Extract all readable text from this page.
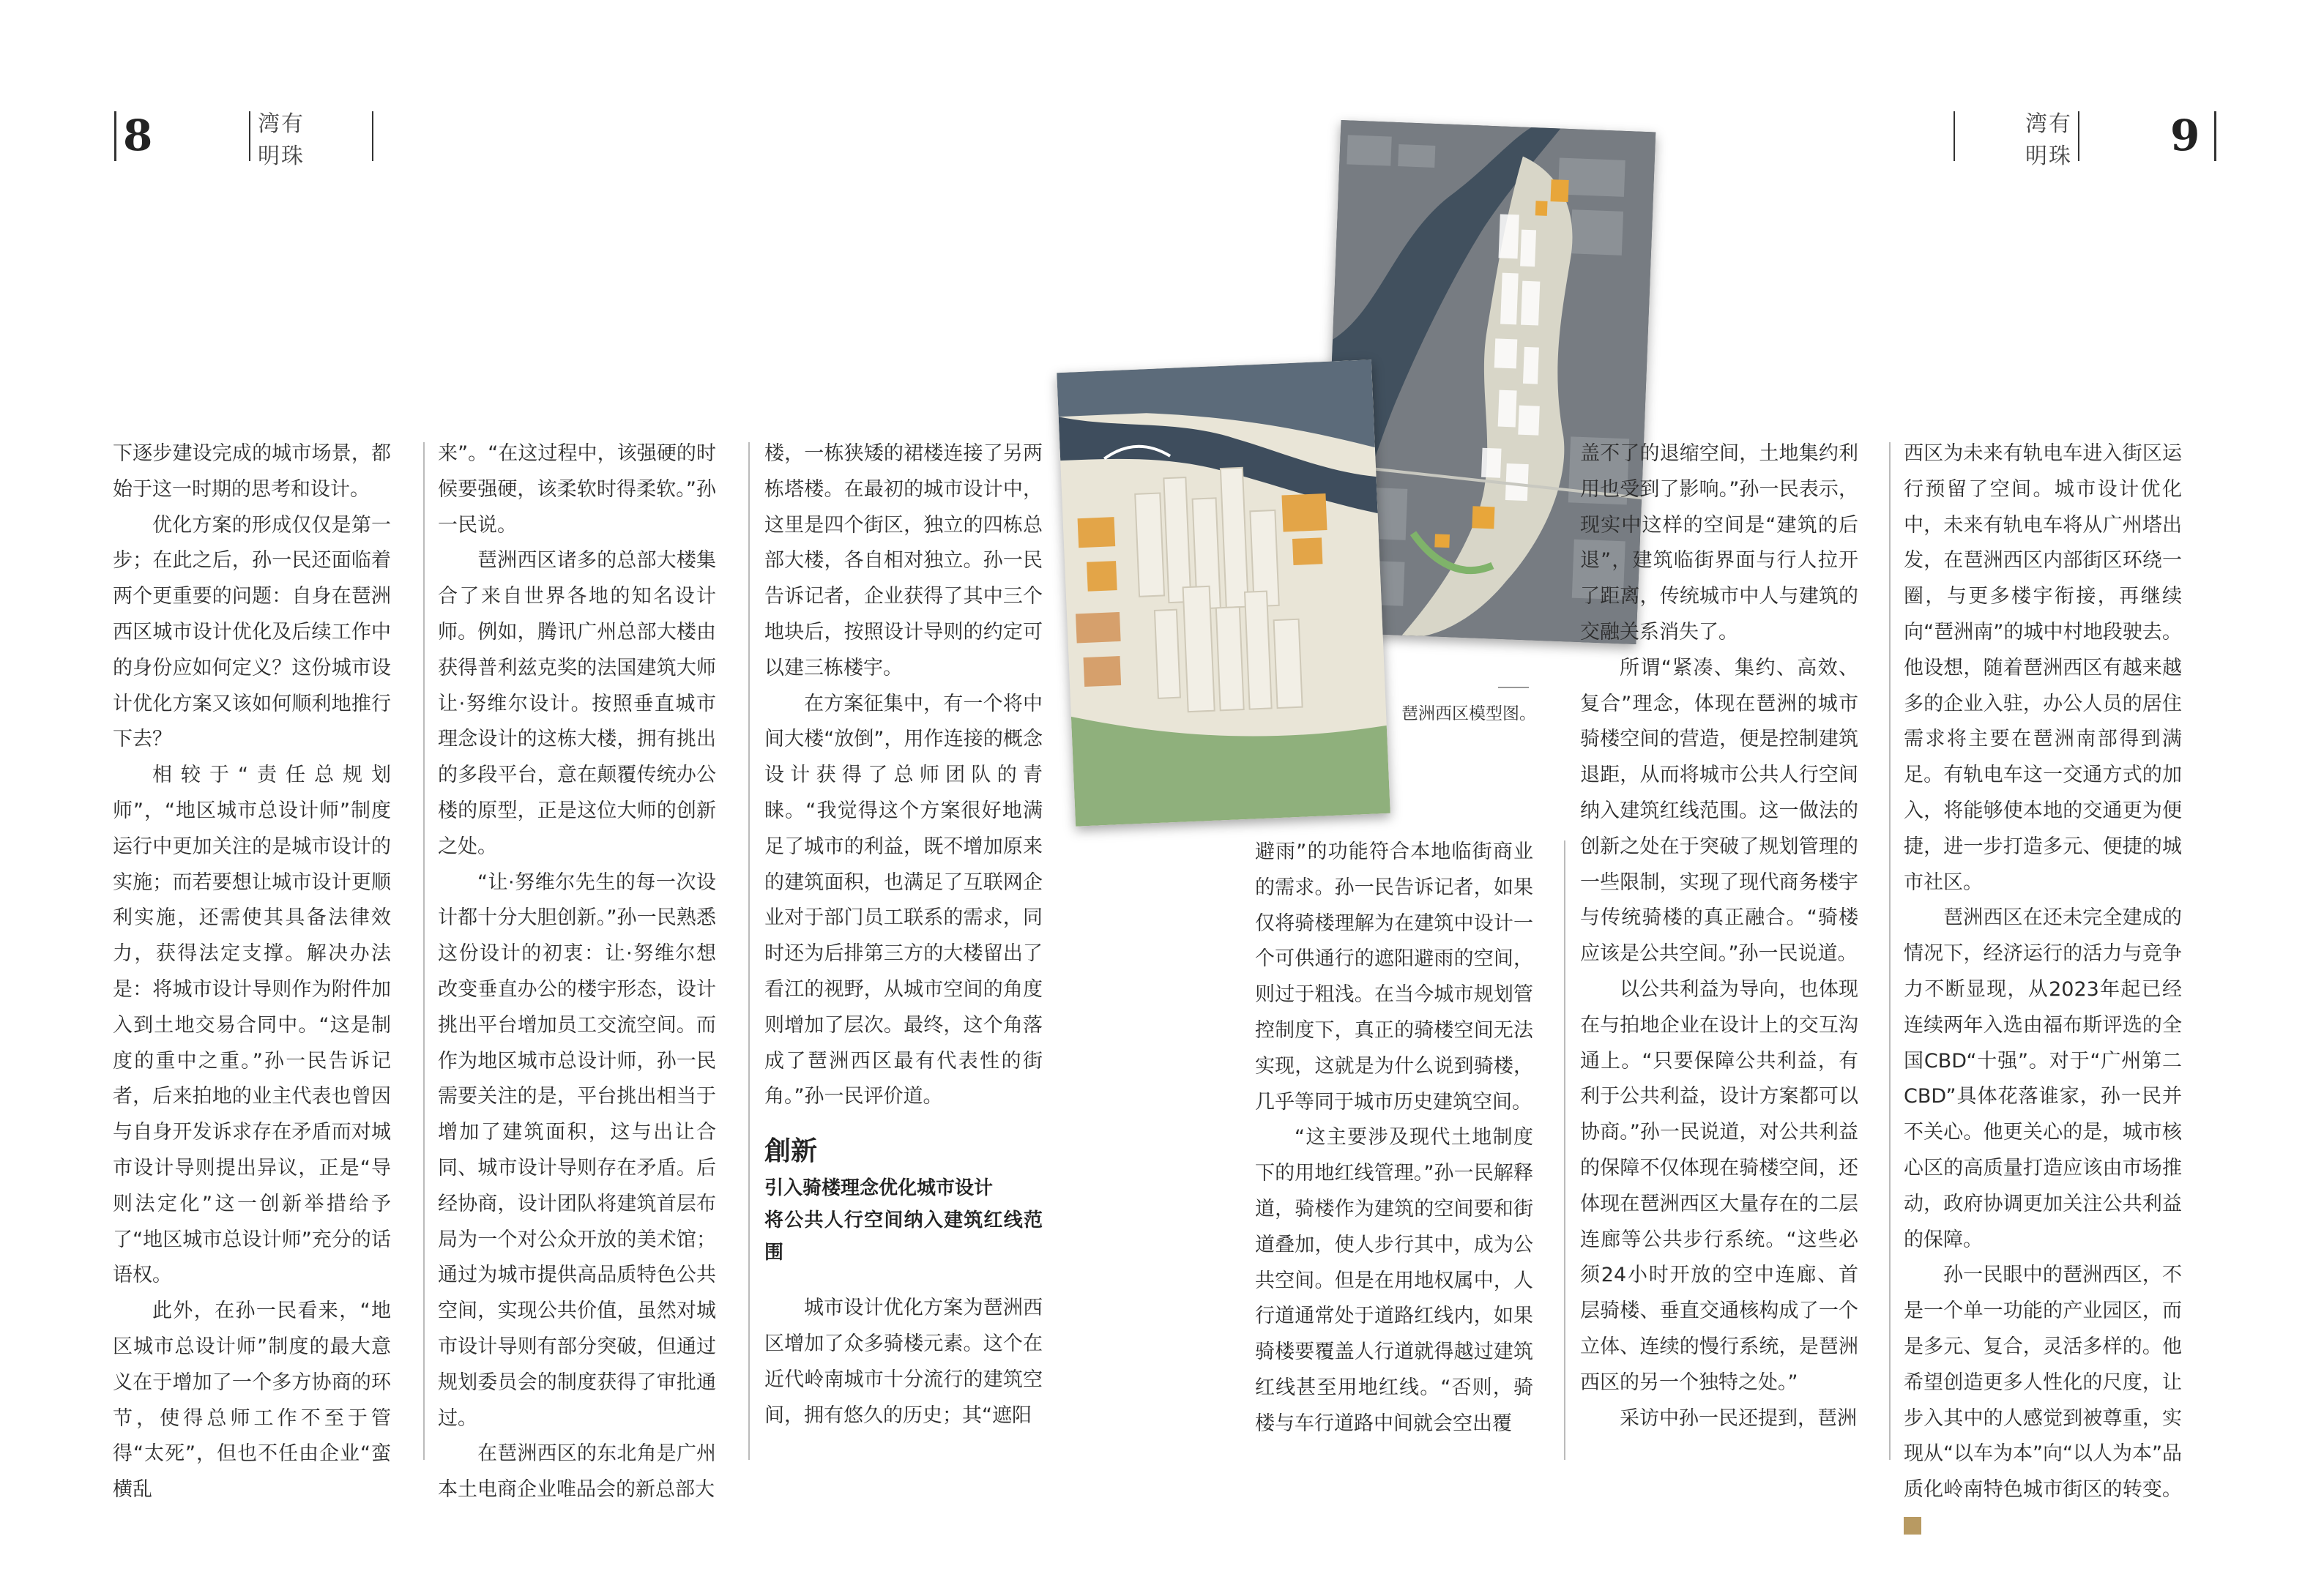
8	湾有
明珠
湾有
明珠 9
琶洲西区模型图。

下逐步建设完成的城市场景，都始于这一时期的思考和设计。

优化方案的形成仅仅是第一步；在此之后，孙一民还面临着两个更重要的问题：自身在琶洲西区城市设计优化及后续工作中的身份应如何定义？这份城市设计优化方案又该如何顺利地推行下去？

相较于“责任总规划师”，“地区城市总设计师”制度运行中更加关注的是城市设计的实施；而若要想让城市设计更顺利实施，还需使其具备法律效力，获得法定支撑。解决办法是：将城市设计导则作为附件加入到土地交易合同中。“这是制度的重中之重。”孙一民告诉记者，后来拍地的业主代表也曾因与自身开发诉求存在矛盾而对城市设计导则提出异议，正是“导则法定化”这一创新举措给予了“地区城市总设计师”充分的话语权。

此外，在孙一民看来，“地区城市总设计师”制度的最大意义在于增加了一个多方协商的环节，使得总师工作不至于管得“太死”，但也不任由企业“蛮横乱

来”。“在这过程中，该强硬的时候要强硬，该柔软时得柔软。”孙一民说。

琶洲西区诸多的总部大楼集合了来自世界各地的知名设计师。例如，腾讯广州总部大楼由获得普利兹克奖的法国建筑大师让·努维尔设计。按照垂直城市理念设计的这栋大楼，拥有挑出的多段平台，意在颠覆传统办公楼的原型，正是这位大师的创新之处。

“让·努维尔先生的每一次设计都十分大胆创新。”孙一民熟悉这份设计的初衷：让·努维尔想改变垂直办公的楼宇形态，设计挑出平台增加员工交流空间。而作为地区城市总设计师，孙一民需要关注的是，平台挑出相当于增加了建筑面积，这与出让合同、城市设计导则存在矛盾。后经协商，设计团队将建筑首层布局为一个对公众开放的美术馆；通过为城市提供高品质特色公共空间，实现公共价值，虽然对城市设计导则有部分突破，但通过规划委员会的制度获得了审批通过。

在琶洲西区的东北角是广州本土电商企业唯品会的新总部大

楼，一栋狭矮的裙楼连接了另两栋塔楼。在最初的城市设计中，这里是四个街区，独立的四栋总部大楼，各自相对独立。孙一民告诉记者，企业获得了其中三个地块后，按照设计导则的约定可以建三栋楼宇。

在方案征集中，有一个将中间大楼“放倒”，用作连接的概念设计获得了总师团队的青睐。“我觉得这个方案很好地满足了城市的利益，既不增加原来的建筑面积，也满足了互联网企业对于部门员工联系的需求，同时还为后排第三方的大楼留出了看江的视野，从城市空间的角度则增加了层次。最终，这个角落成了琶洲西区最有代表性的街角。”孙一民评价道。

創新

引入骑楼理念优化城市设计

将公共人行空间纳入建筑红线范围

城市设计优化方案为琶洲西区增加了众多骑楼元素。这个在近代岭南城市十分流行的建筑空间，拥有悠久的历史；其“遮阳

避雨”的功能符合本地临街商业的需求。孙一民告诉记者，如果仅将骑楼理解为在建筑中设计一个可供通行的遮阳避雨的空间，则过于粗浅。在当今城市规划管控制度下，真正的骑楼空间无法实现，这就是为什么说到骑楼，几乎等同于城市历史建筑空间。

“这主要涉及现代土地制度下的用地红线管理。”孙一民解释道，骑楼作为建筑的空间要和街道叠加，使人步行其中，成为公共空间。但是在用地权属中，人行道通常处于道路红线内，如果骑楼要覆盖人行道就得越过建筑红线甚至用地红线。“否则，骑楼与车行道路中间就会空出覆

盖不了的退缩空间，土地集约利用也受到了影响。”孙一民表示，现实中这样的空间是“建筑的后退”，建筑临街界面与行人拉开了距离，传统城市中人与建筑的交融关系消失了。

所谓“紧凑、集约、高效、复合”理念，体现在琶洲的城市骑楼空间的营造，便是控制建筑退距，从而将城市公共人行空间纳入建筑红线范围。这一做法的创新之处在于突破了规划管理的一些限制，实现了现代商务楼宇与传统骑楼的真正融合。“骑楼应该是公共空间。”孙一民说道。

以公共利益为导向，也体现在与拍地企业在设计上的交互沟通上。“只要保障公共利益，有利于公共利益，设计方案都可以协商。”孙一民说道，对公共利益的保障不仅体现在骑楼空间，还体现在琶洲西区大量存在的二层连廊等公共步行系统。“这些必须24小时开放的空中连廊、首层骑楼、垂直交通核构成了一个立体、连续的慢行系统，是琶洲西区的另一个独特之处。”

采访中孙一民还提到，琶洲

西区为未来有轨电车进入街区运行预留了空间。城市设计优化中，未来有轨电车将从广州塔出发，在琶洲西区内部街区环绕一圈，与更多楼宇衔接，再继续向“琶洲南”的城中村地段驶去。他设想，随着琶洲西区有越来越多的企业入驻，办公人员的居住需求将主要在琶洲南部得到满足。有轨电车这一交通方式的加入，将能够使本地的交通更为便捷，进一步打造多元、便捷的城市社区。

琶洲西区在还未完全建成的情况下，经济运行的活力与竞争力不断显现，从2023年起已经连续两年入选由福布斯评选的全国CBD“十强”。对于“广州第二CBD”具体花落谁家，孙一民并不关心。他更关心的是，城市核心区的高质量打造应该由市场推动，政府协调更加关注公共利益的保障。

孙一民眼中的琶洲西区，不是一个单一功能的产业园区，而是多元、复合，灵活多样的。他希望创造更多人性化的尺度，让步入其中的人感觉到被尊重，实现从“以车为本”向“以人为本”品质化岭南特色城市街区的转变。万
